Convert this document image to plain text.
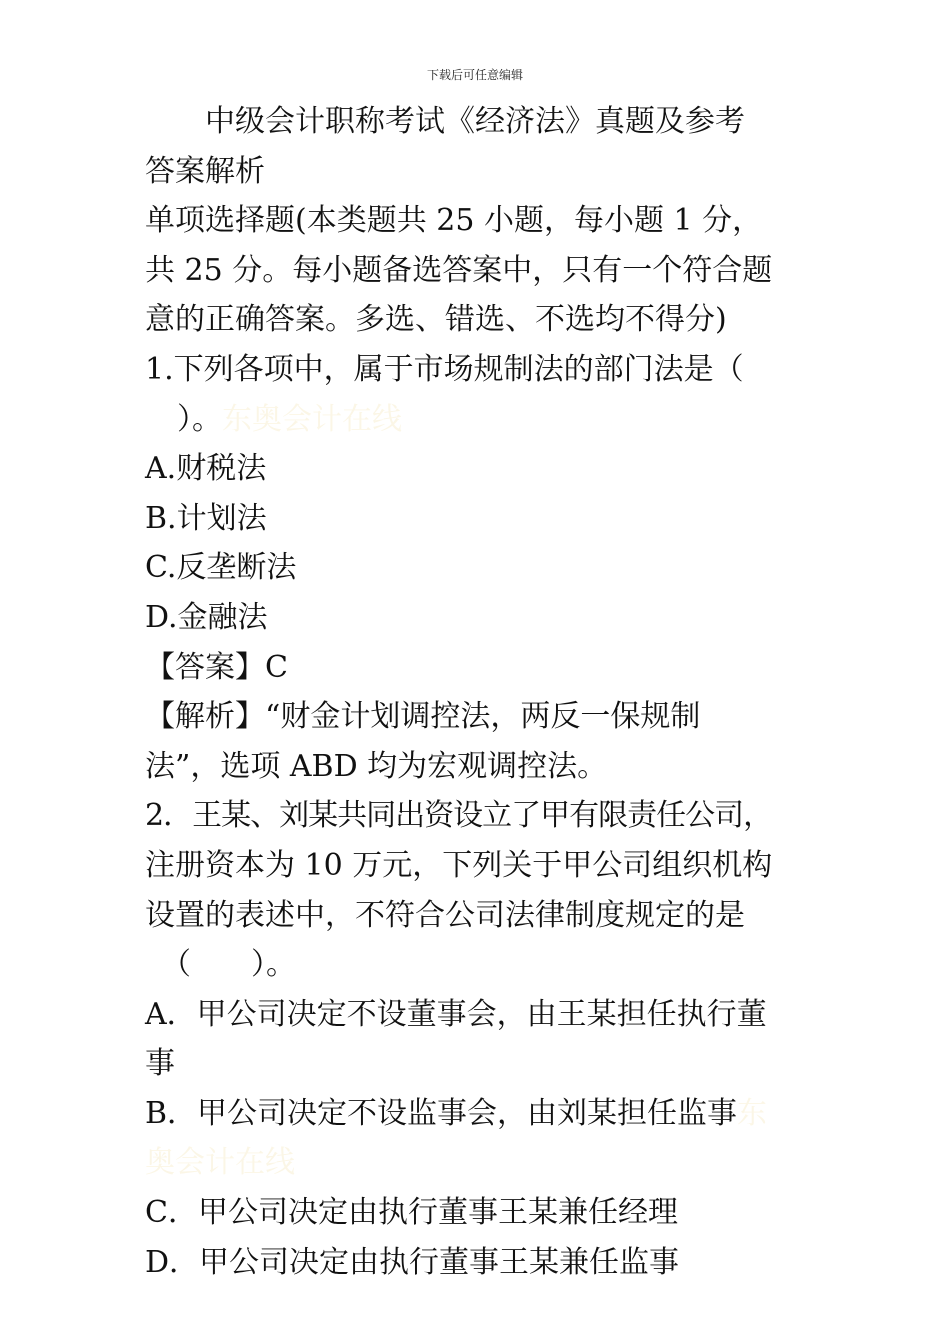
下载后可任意编辑
中级会计职称考试《经济法》真题及参考
答案解析
单项选择题(本类题共 25 小题，每小题 1 分，
共 25 分。每小题备选答案中，只有一个符合题
意的正确答案。多选、错选、不选均不得分)
1.下列各项中，属于市场规制法的部门法是（
）。东奥会计在线
A.财税法
B.计划法
C.反垄断法
D.金融法
【答案】C
【解析】“财金计划调控法，两反一保规制
法”，选项 ABD 均为宏观调控法。
2．王某、刘某共同出资设立了甲有限责任公司，
注册资本为 10 万元，下列关于甲公司组织机构
设置的表述中，不符合公司法律制度规定的是
（　　）。
A．甲公司决定不设董事会，由王某担任执行董
事
B．甲公司决定不设监事会，由刘某担任监事东
奥会计在线
C．甲公司决定由执行董事王某兼任经理
D．甲公司决定由执行董事王某兼任监事
